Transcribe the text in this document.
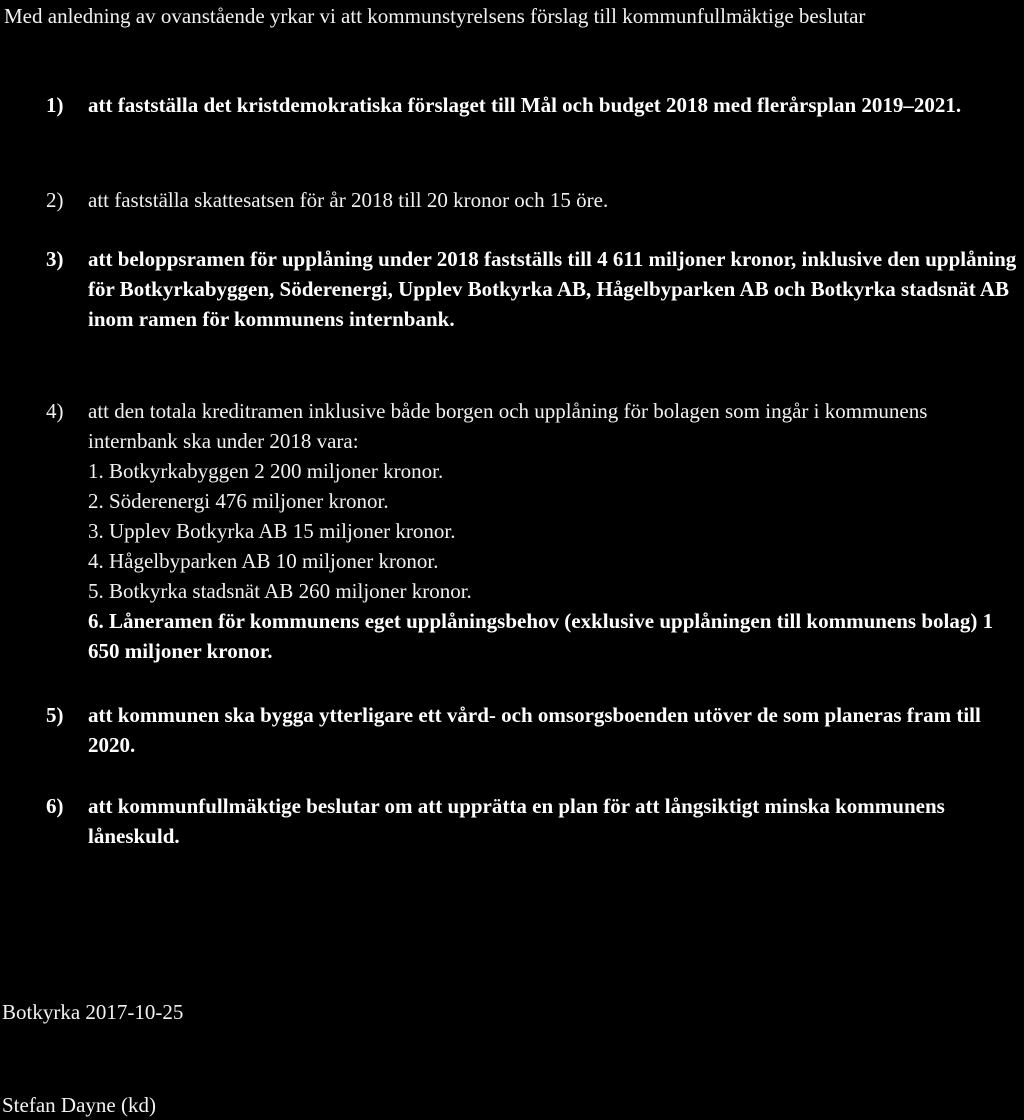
Med anledning av ovanstående yrkar vi att kommunstyrelsens förslag till kommunfullmäktige beslutar
1)	att fastställa det kristdemokratiska förslaget till Mål och budget 2018 med flerårsplan 2019–2021.
2)	att fastställa skattesatsen för år 2018 till 20 kronor och 15 öre.
3)	att beloppsramen för upplåning under 2018 fastställs till 4 611 miljoner kronor, inklusive den upplåning för Botkyrkabyggen, Söderenergi, Upplev Botkyrka AB, Hågelbyparken AB och Botkyrka stadsnät AB inom ramen för kommunens internbank.
4)	att den totala kreditramen inklusive både borgen och upplåning för bolagen som ingår i kommunens internbank ska under 2018 vara:
1. Botkyrkabyggen 2 200 miljoner kronor.
2. Söderenergi 476 miljoner kronor.
3. Upplev Botkyrka AB 15 miljoner kronor.
4. Hågelbyparken AB 10 miljoner kronor.
5. Botkyrka stadsnät AB 260 miljoner kronor.
6. Låneramen för kommunens eget upplåningsbehov (exklusive upplåningen till kommunens bolag) 1 650 miljoner kronor.
5)	att kommunen ska bygga ytterligare ett vård- och omsorgsboenden utöver de som planeras fram till 2020.
6)	att kommunfullmäktige beslutar om att upprätta en plan för att långsiktigt minska kommunens låneskuld.
Botkyrka 2017-10-25
Stefan Dayne (kd)
